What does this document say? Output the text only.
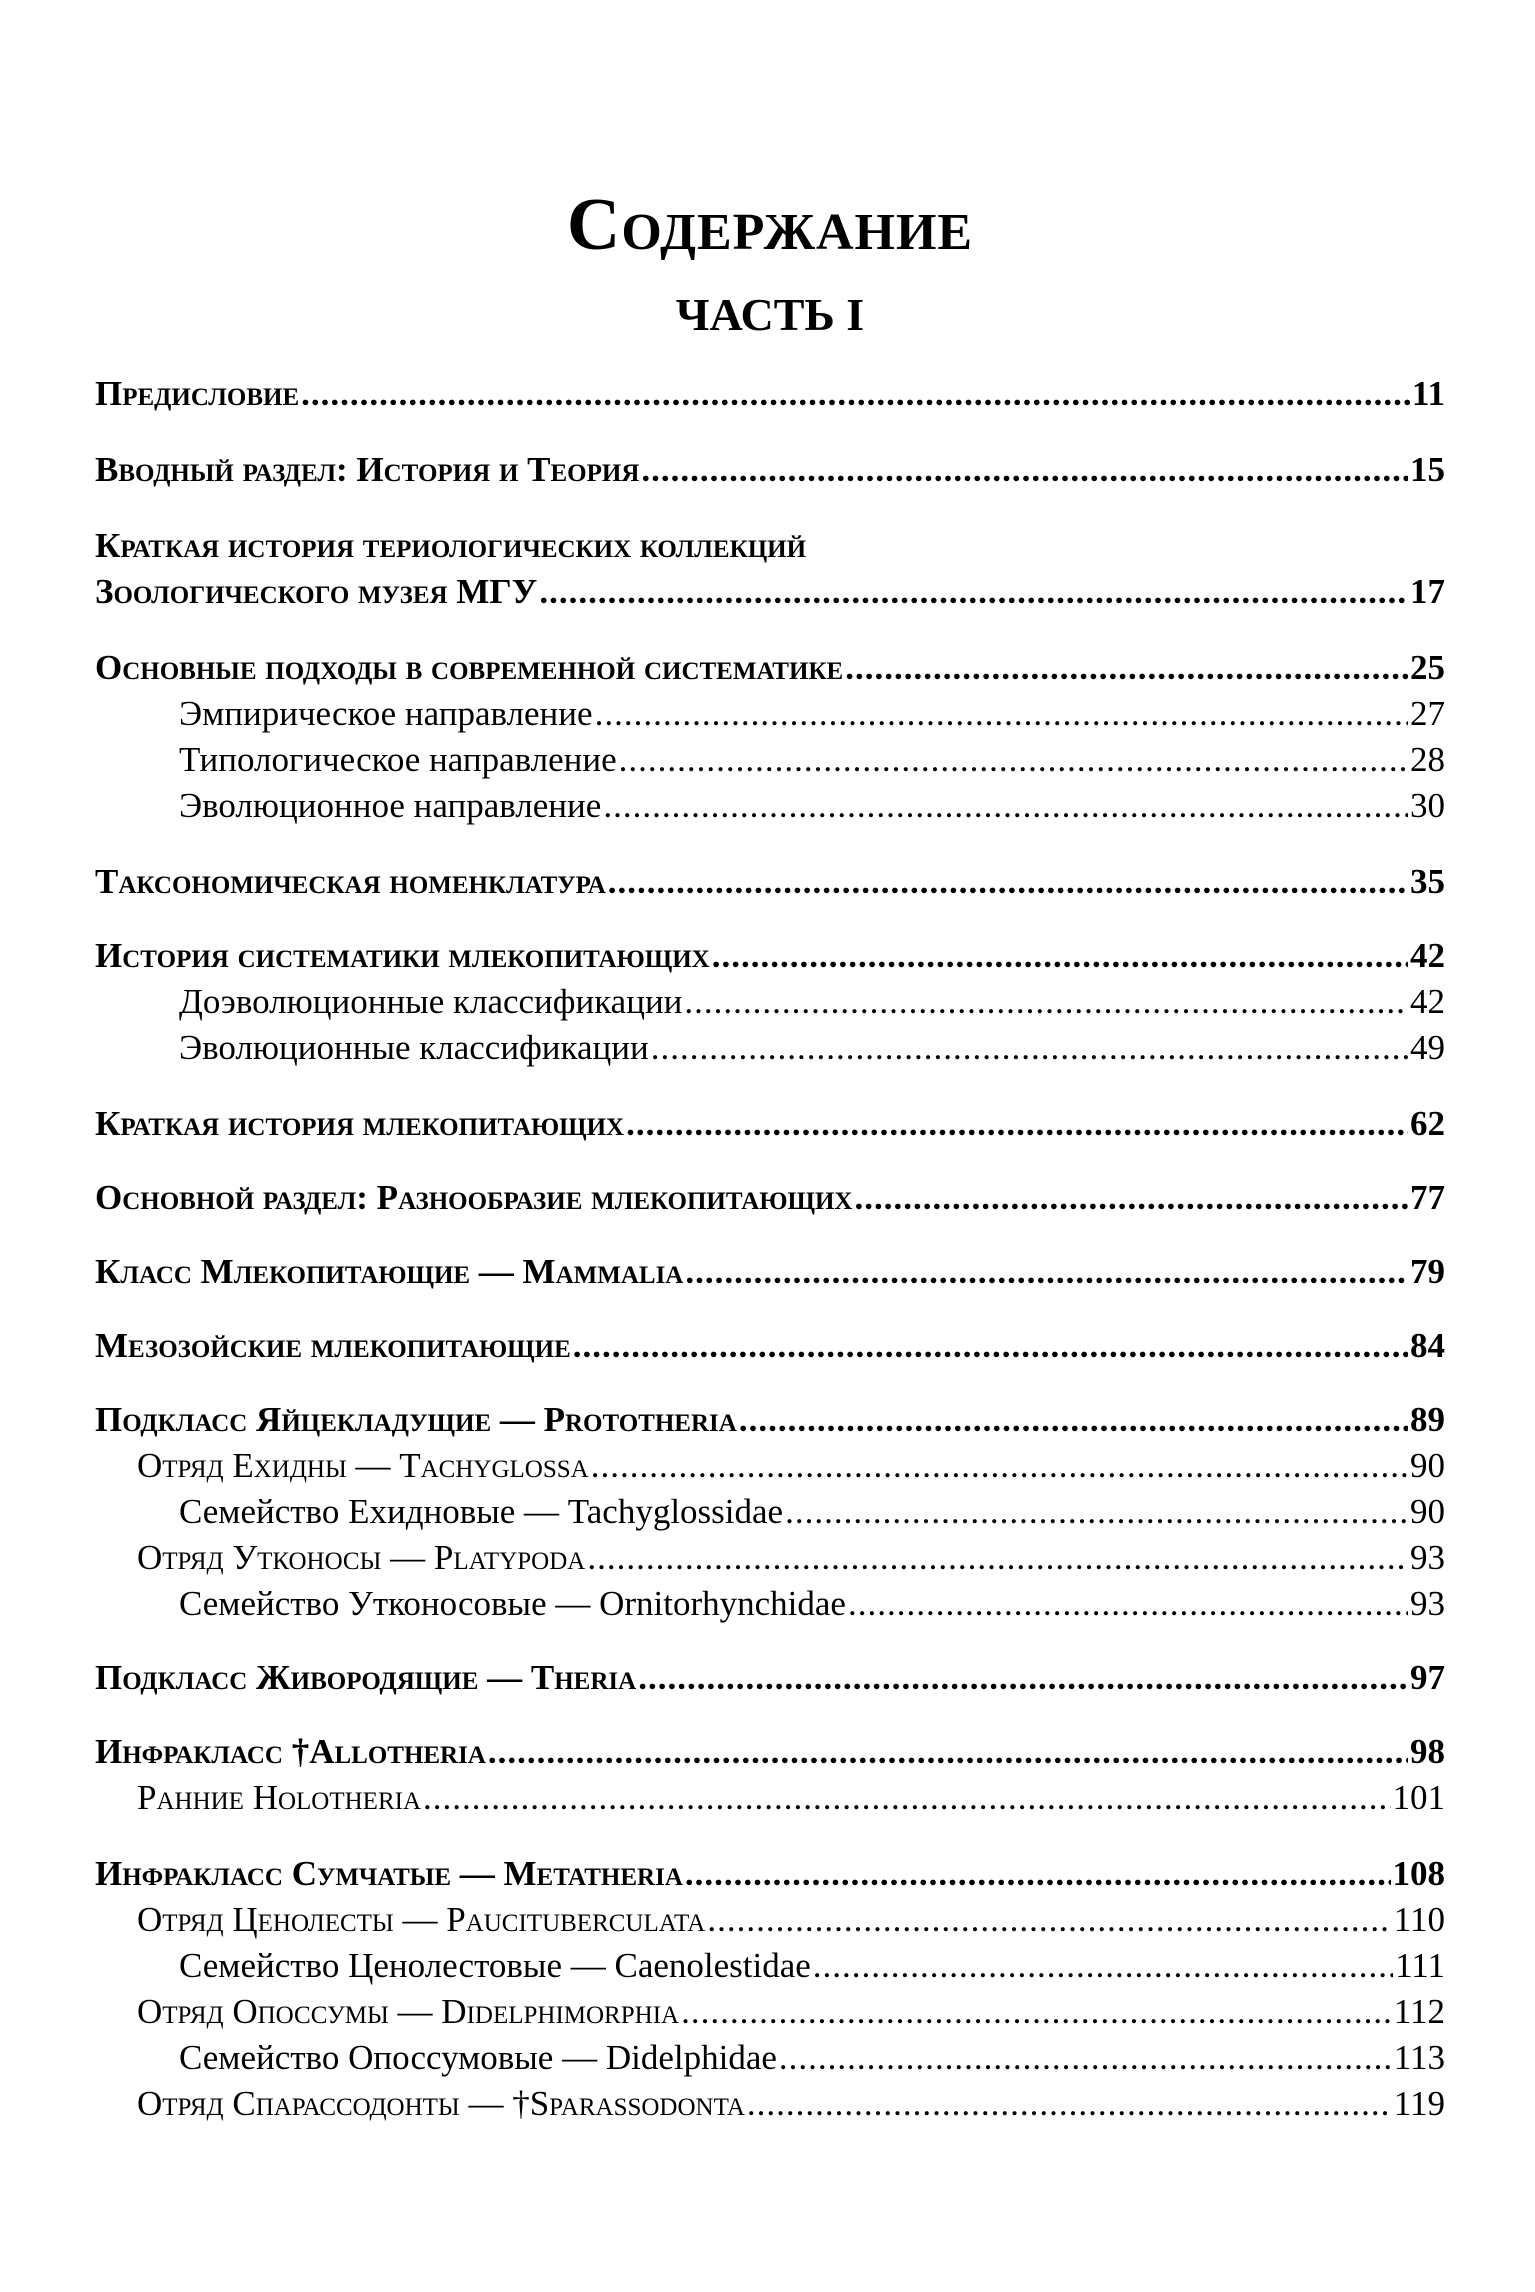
Содержание
ЧАСТЬ I
Предисловие .....	11
Вводный раздел: История и Теория .....	15
Краткая история териологических коллекций
Зоологического музея МГУ .....	17
Основные подходы в современной систематике .....	25
Эмпирическое направление .....	27
Типологическое направление .....	28
Эволюционное направление .....	30
Таксономическая номенклатура .....	35
История систематики млекопитающих .....	42
Доэволюционные классификации .....	42
Эволюционные классификации .....	49
Краткая история млекопитающих .....	62
Основной раздел: Разнообразие млекопитающих .....	77
Класс Млекопитающие — Mammalia .....	79
Мезозойские млекопитающие .....	84
Подкласс Яйцекладущие — Prototheria .....	89
Отряд Ехидны — Tachyglossa .....	90
Семейство Ехидновые — Tachyglossidae .....	90
Отряд Утконосы — Platypoda .....	93
Семейство Утконосовые — Ornitorhynchidae .....	93
Подкласс Живородящие — Theria .....	97
Инфракласс †Allotheria .....	98
Ранние Holotheria .....	101
Инфракласс Сумчатые — Metatheria .....	108
Отряд Ценолесты — Paucituberculata .....	110
Семейство Ценолестовые — Caenolestidae .....	111
Отряд Опоссумы — Didelphimorphia .....	112
Семейство Опоссумовые — Didelphidae .....	113
Отряд Спарассодонты — †Sparassodonta .....	119
